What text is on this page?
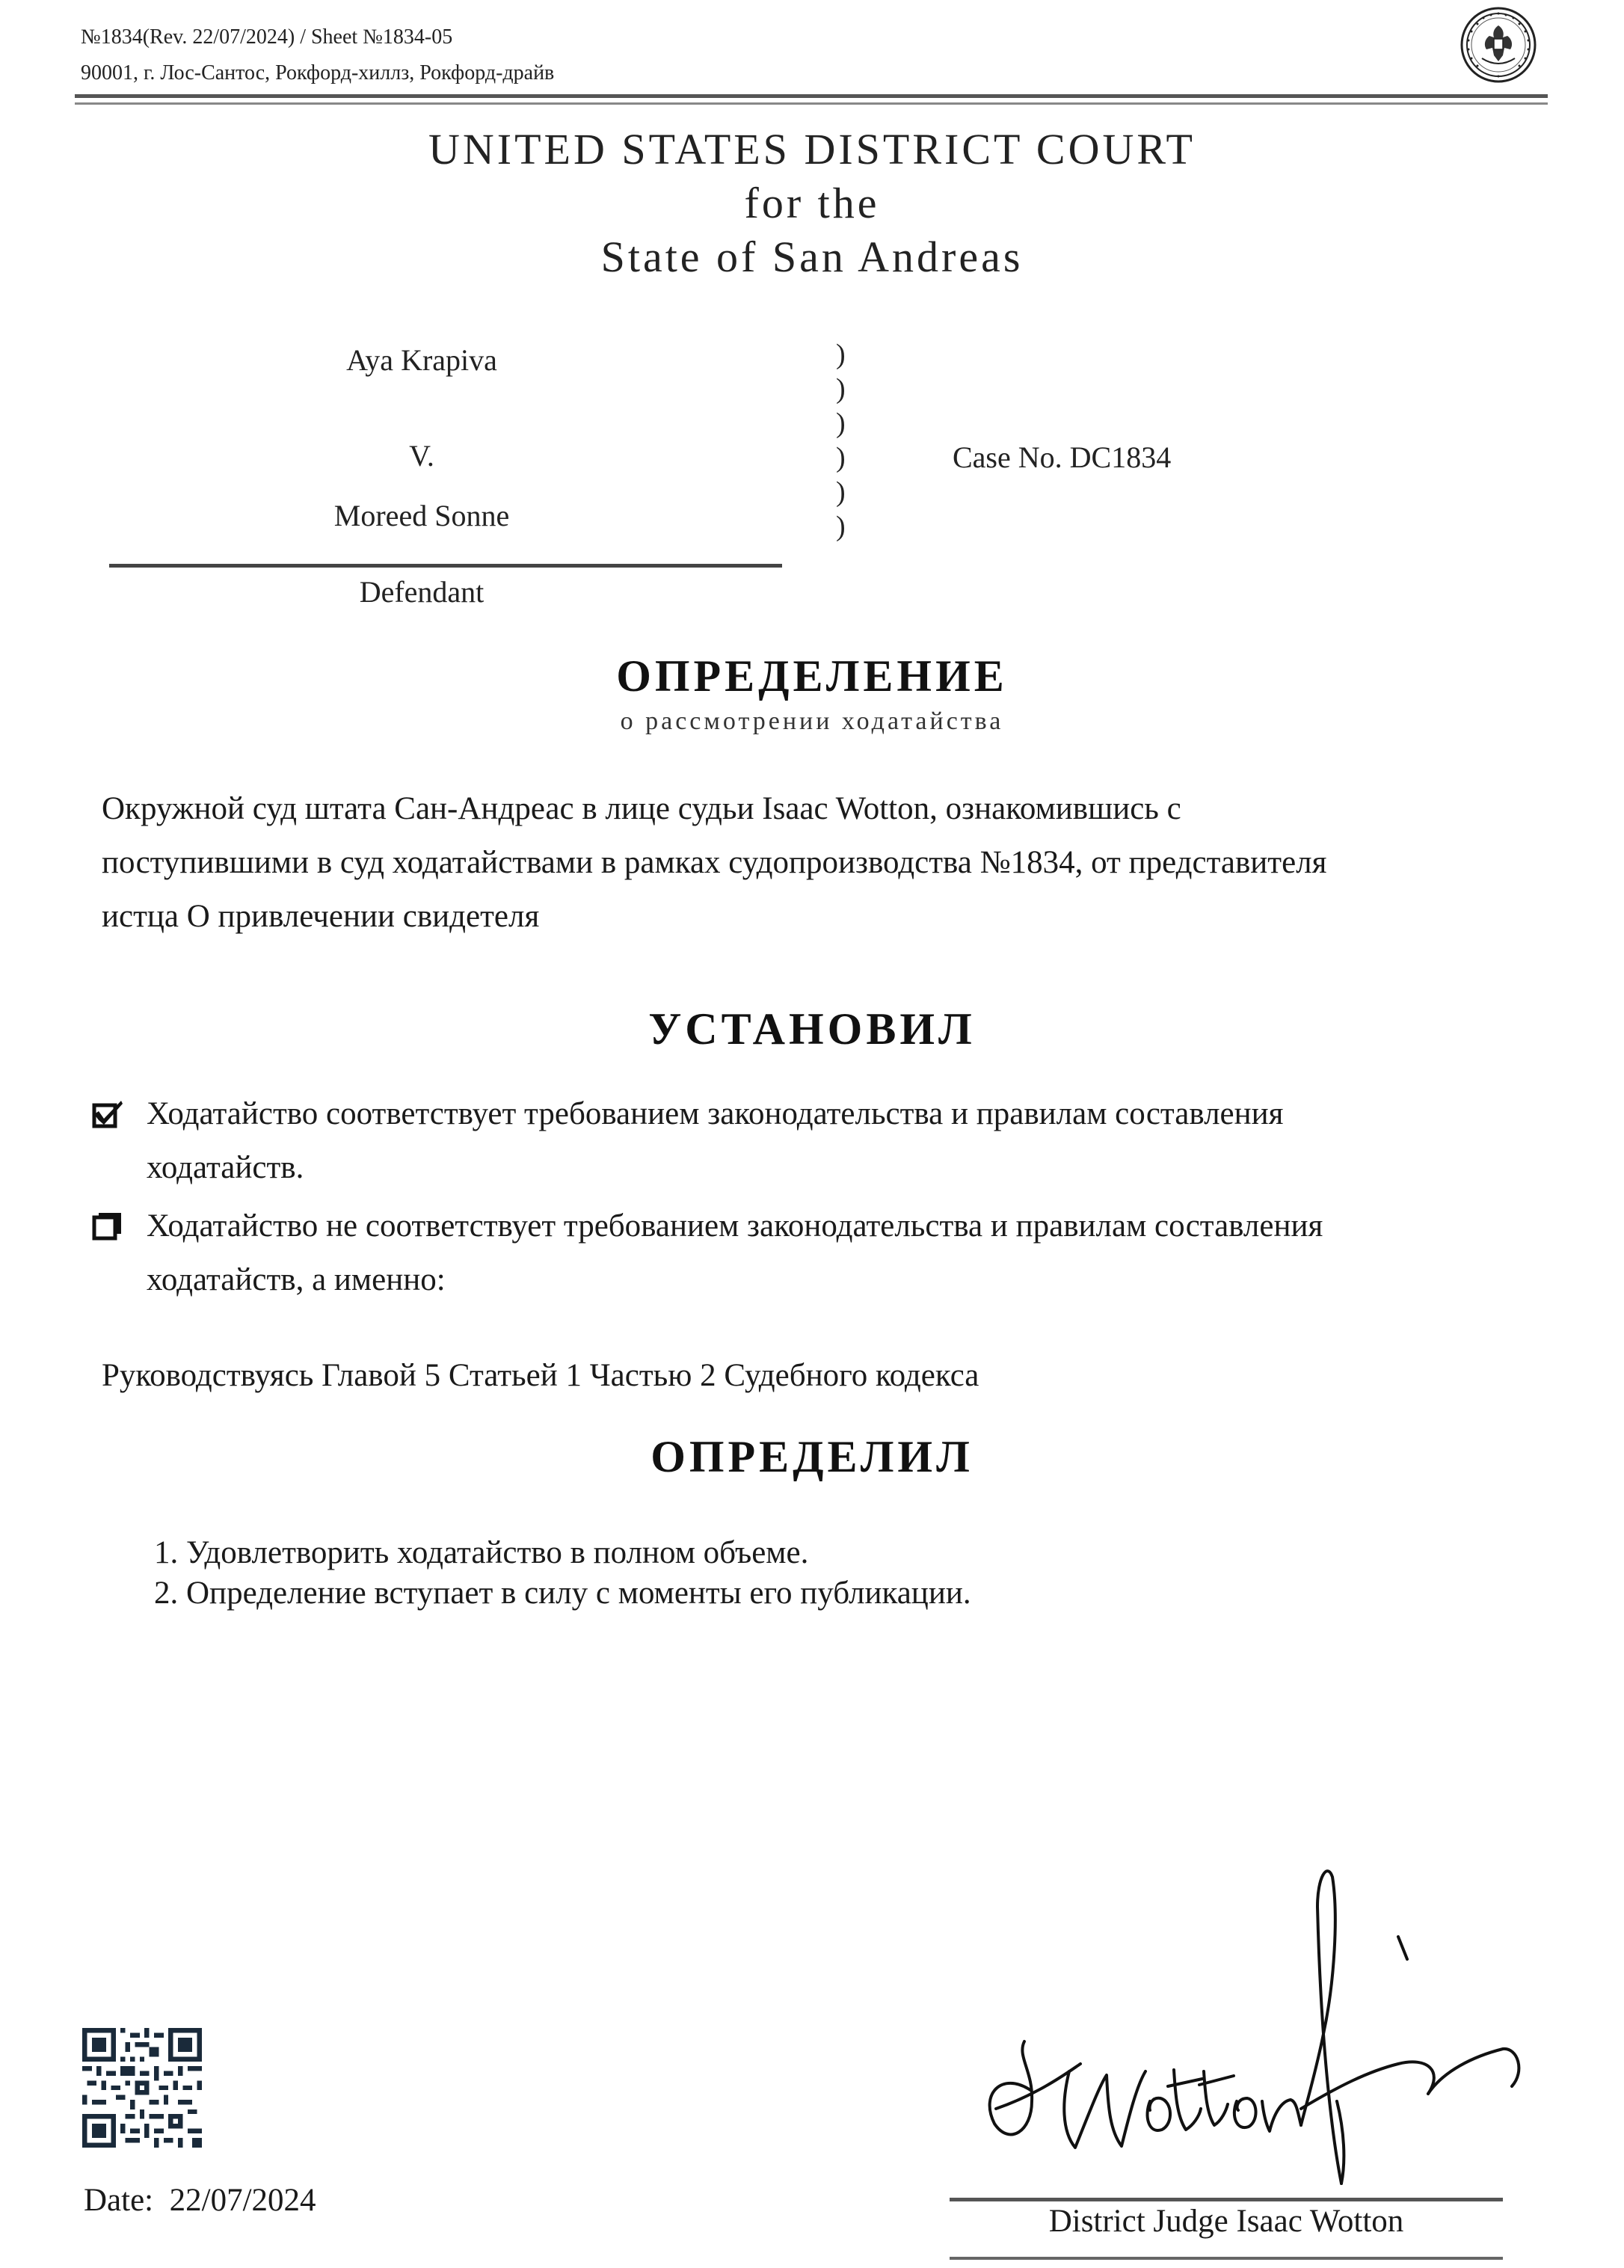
№1834(Rev. 22/07/2024) / Sheet №1834-05
90001, г. Лос-Сантос, Рокфорд-хиллз, Рокфорд-драйв
UNITED STATES DISTRICT COURT
for the
State of San Andreas
Aya Krapiva
V.
Moreed Sonne
Defendant
)
)
)
)
)
)
Case No. DC1834
ОПРЕДЕЛЕНИЕ
о рассмотрении ходатайства

Окружной суд штата Сан-Андреас в лице судьи Isaac Wotton, ознакомившись с

поступившими в суд ходатайствами в рамках судопроизводства №1834, от представителя

истца О привлечении свидетеля

УСТАНОВИЛ

Ходатайство соответствует требованием законодательства и правилам составления

ходатайств.

Ходатайство не соответствует требованием законодательства и правилам составления

ходатайств, а именно:

Руководствуясь Главой 5 Статьей 1 Частью 2 Судебного кодекса
ОПРЕДЕЛИЛ
1. Удовлетворить ходатайство в полном объеме.
2. Определение вступает в силу с моменты его публикации.
Date: 22/07/2024
District Judge Isaac Wotton
